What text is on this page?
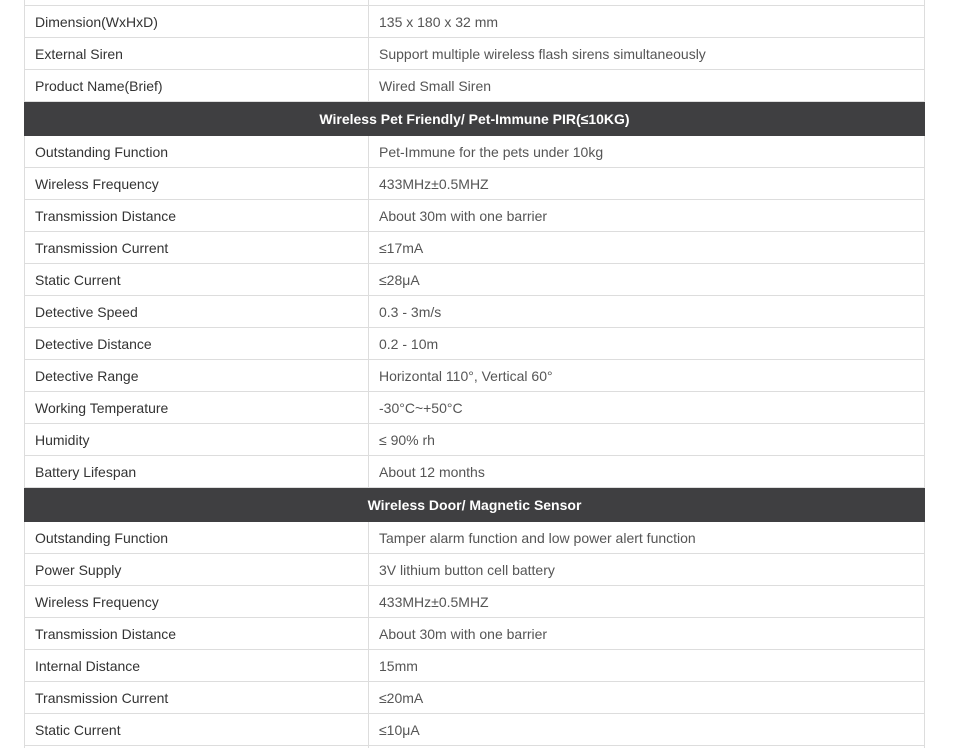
Dimension(WxHxD)	135 x 180 x 32 mm
External Siren	Support multiple wireless flash sirens simultaneously
Product Name(Brief)	Wired Small Siren
Wireless Pet Friendly/ Pet-Immune PIR(≤10KG)	
Outstanding Function	Pet-Immune for the pets under 10kg
Wireless Frequency	433MHz±0.5MHZ
Transmission Distance	About 30m with one barrier
Transmission Current	≤17mA
Static Current	≤28μA
Detective Speed	0.3 - 3m/s
Detective Distance	0.2 - 10m
Detective Range	Horizontal 110°, Vertical 60°
Working Temperature	-30°C~+50°C
Humidity	≤ 90% rh
Battery Lifespan	About 12 months
Wireless Door/ Magnetic Sensor	
Outstanding Function	Tamper alarm function and low power alert function
Power Supply	3V lithium button cell battery
Wireless Frequency	433MHz±0.5MHZ
Transmission Distance	About 30m with one barrier
Internal Distance	15mm
Transmission Current	≤20mA
Static Current	≤10μA
